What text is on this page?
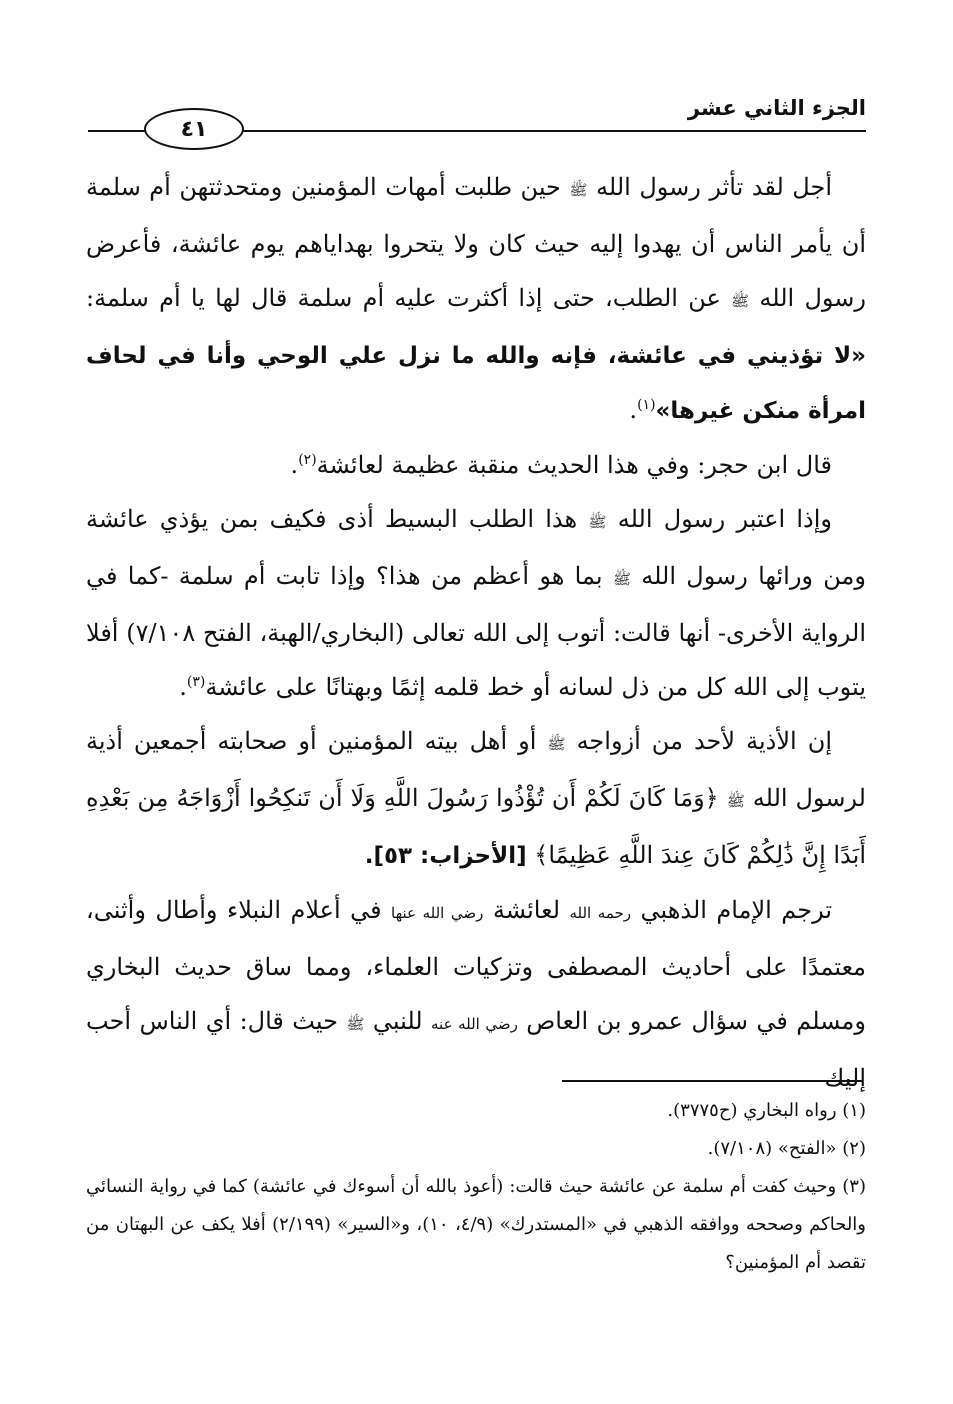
٤١
الجزء الثاني عشر

أجل لقد تأثر رسول الله ﷺ حين طلبت أمهات المؤمنين ومتحدثتهن أم سلمة أن يأمر الناس أن يهدوا إليه حيث كان ولا يتحروا بهداياهم يوم عائشة، فأعرض رسول الله ﷺ عن الطلب، حتى إذا أكثرت عليه أم سلمة قال لها يا أم سلمة: «لا تؤذيني في عائشة، فإنه والله ما نزل علي الوحي وأنا في لحاف امرأة منكن غيرها»$^{(١)}$.

قال ابن حجر: وفي هذا الحديث منقبة عظيمة لعائشة$^{(٢)}$.

وإذا اعتبر رسول الله ﷺ هذا الطلب البسيط أذى فكيف بمن يؤذي عائشة ومن ورائها رسول الله ﷺ بما هو أعظم من هذا؟ وإذا تابت أم سلمة -كما في الرواية الأخرى- أنها قالت: أتوب إلى الله تعالى (البخاري/الهبة، الفتح ٧/١٠٨) أفلا يتوب إلى الله كل من ذل لسانه أو خط قلمه إثمًا وبهتانًا على عائشة$^{(٣)}$.

إن الأذية لأحد من أزواجه ﷺ أو أهل بيته المؤمنين أو صحابته أجمعين أذية لرسول الله ﷺ ﴿وَمَا كَانَ لَكُمْ أَن تُؤْذُوا رَسُولَ اللَّهِ وَلَا أَن تَنكِحُوا أَزْوَاجَهُ مِن بَعْدِهِ أَبَدًا إِنَّ ذَٰلِكُمْ كَانَ عِندَ اللَّهِ عَظِيمًا﴾ [الأحزاب: ٥٣].

ترجم الإمام الذهبي رحمه الله لعائشة رضي الله عنها في أعلام النبلاء وأطال وأثنى، معتمدًا على أحاديث المصطفى وتزكيات العلماء، ومما ساق حديث البخاري ومسلم في سؤال عمرو بن العاص رضي الله عنه للنبي ﷺ حيث قال: أي الناس أحب إليك

(١) رواه البخاري (ح٣٧٧٥).

(٢) «الفتح» (٧/١٠٨).

(٣) وحيث كفت أم سلمة عن عائشة حيث قالت: (أعوذ بالله أن أسوءك في عائشة) كما في رواية النسائي والحاكم وصححه ووافقه الذهبي في «المستدرك» (٤/٩، ١٠)، و«السير» (٢/١٩٩) أفلا يكف عن البهتان من تقصد أم المؤمنين؟
